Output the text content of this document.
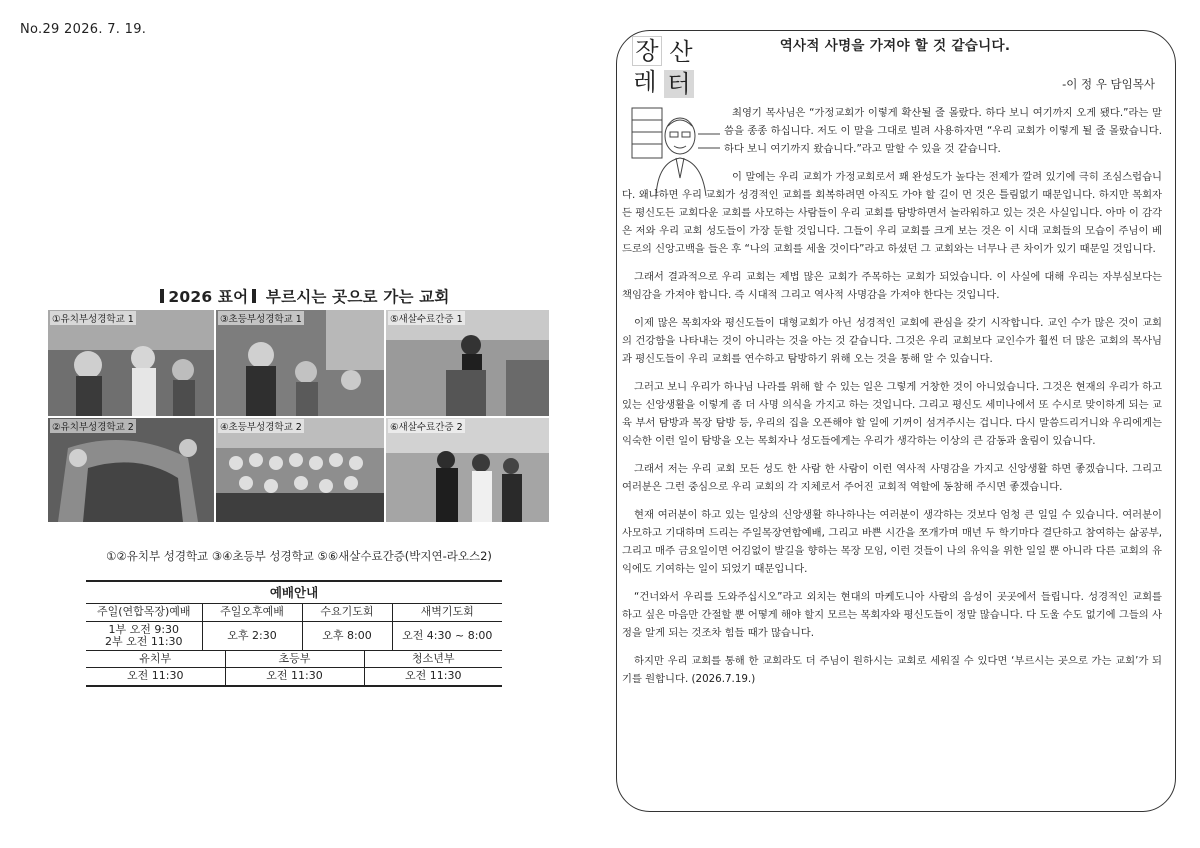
No.29 2026. 7. 19.
2026 표어 부르시는 곳으로 가는 교회
①유치부성경학교 1	③초등부성경학교 1	⑤새살수료간증 1
②유치부성경학교 2	④초등부성경학교 2	⑥새살수료간증 2
①②유치부 성경학교 ③④초등부 성경학교 ⑤⑥새살수료간증(박지연-라오스2)
예배안내
주일(연합목장)예배	주일오후예배	수요기도회	새벽기도회
1부 오전 9:30
2부 오전 11:30	오후 2:30	오후 8:00	오전 4:30 ~ 8:00
유치부	초등부	청소년부
오전 11:30	오전 11:30	오전 11:30
장 산
레 터
역사적 사명을 가져야 할 것 같습니다.
-이 정 우 담임목사

최영기 목사님은 “가정교회가 이렇게 확산될 줄 몰랐다. 하다 보니 여기까지 오게 됐다.”라는 말씀을 종종 하십니다. 저도 이 말을 그대로 빌려 사용하자면 “우리 교회가 이렇게 될 줄 몰랐습니다. 하다 보니 여기까지 왔습니다.”라고 말할 수 있을 것 같습니다.

이 말에는 우리 교회가 가정교회로서 꽤 완성도가 높다는 전제가 깔려 있기에 극히 조심스럽습니다. 왜냐하면 우리 교회가 성경적인 교회를 회복하려면 아직도 가야 할 길이 먼 것은 틀림없기 때문입니다. 하지만 목회자든 평신도든 교회다운 교회를 사모하는 사람들이 우리 교회를 탐방하면서 놀라워하고 있는 것은 사실입니다. 아마 이 감각은 저와 우리 교회 성도들이 가장 둔할 것입니다. 그들이 우리 교회를 크게 보는 것은 이 시대 교회들의 모습이 주님이 베드로의 신앙고백을 들은 후 “나의 교회를 세울 것이다”라고 하셨던 그 교회와는 너무나 큰 차이가 있기 때문일 것입니다.

그래서 결과적으로 우리 교회는 제법 많은 교회가 주목하는 교회가 되었습니다. 이 사실에 대해 우리는 자부심보다는 책임감을 가져야 합니다. 즉 시대적 그리고 역사적 사명감을 가져야 한다는 것입니다.

이제 많은 목회자와 평신도들이 대형교회가 아닌 성경적인 교회에 관심을 갖기 시작합니다. 교인 수가 많은 것이 교회의 건강함을 나타내는 것이 아니라는 것을 아는 것 같습니다. 그것은 우리 교회보다 교인수가 훨씬 더 많은 교회의 목사님과 평신도들이 우리 교회를 연수하고 탐방하기 위해 오는 것을 통해 알 수 있습니다.

그러고 보니 우리가 하나님 나라를 위해 할 수 있는 일은 그렇게 거창한 것이 아니었습니다. 그것은 현재의 우리가 하고 있는 신앙생활을 이렇게 좀 더 사명 의식을 가지고 하는 것입니다. 그리고 평신도 세미나에서 또 수시로 맞이하게 되는 교육 부서 탐방과 목장 탐방 등, 우리의 집을 오픈해야 할 일에 기꺼이 섬겨주시는 겁니다. 다시 말씀드리거니와 우리에게는 익숙한 이런 일이 탐방을 오는 목회자나 성도들에게는 우리가 생각하는 이상의 큰 감동과 울림이 있습니다.

그래서 저는 우리 교회 모든 성도 한 사람 한 사람이 이런 역사적 사명감을 가지고 신앙생활 하면 좋겠습니다. 그리고 여러분은 그런 중심으로 우리 교회의 각 지체로서 주어진 교회적 역할에 동참해 주시면 좋겠습니다.

현재 여러분이 하고 있는 일상의 신앙생활 하나하나는 여러분이 생각하는 것보다 엄청 큰 일일 수 있습니다. 여러분이 사모하고 기대하며 드리는 주일목장연합예배, 그리고 바쁜 시간을 쪼개가며 매년 두 학기마다 결단하고 참여하는 삶공부, 그리고 매주 금요일이면 어김없이 발길을 향하는 목장 모임, 이런 것들이 나의 유익을 위한 일일 뿐 아니라 다른 교회의 유익에도 기여하는 일이 되었기 때문입니다.

“건너와서 우리를 도와주십시오”라고 외치는 현대의 마케도니아 사람의 음성이 곳곳에서 들립니다. 성경적인 교회를 하고 싶은 마음만 간절할 뿐 어떻게 해야 할지 모르는 목회자와 평신도들이 정말 많습니다. 다 도울 수도 없기에 그들의 사정을 알게 되는 것조차 힘들 때가 많습니다.

하지만 우리 교회를 통해 한 교회라도 더 주님이 원하시는 교회로 세워질 수 있다면 ‘부르시는 곳으로 가는 교회’가 되기를 원합니다. (2026.7.19.)
